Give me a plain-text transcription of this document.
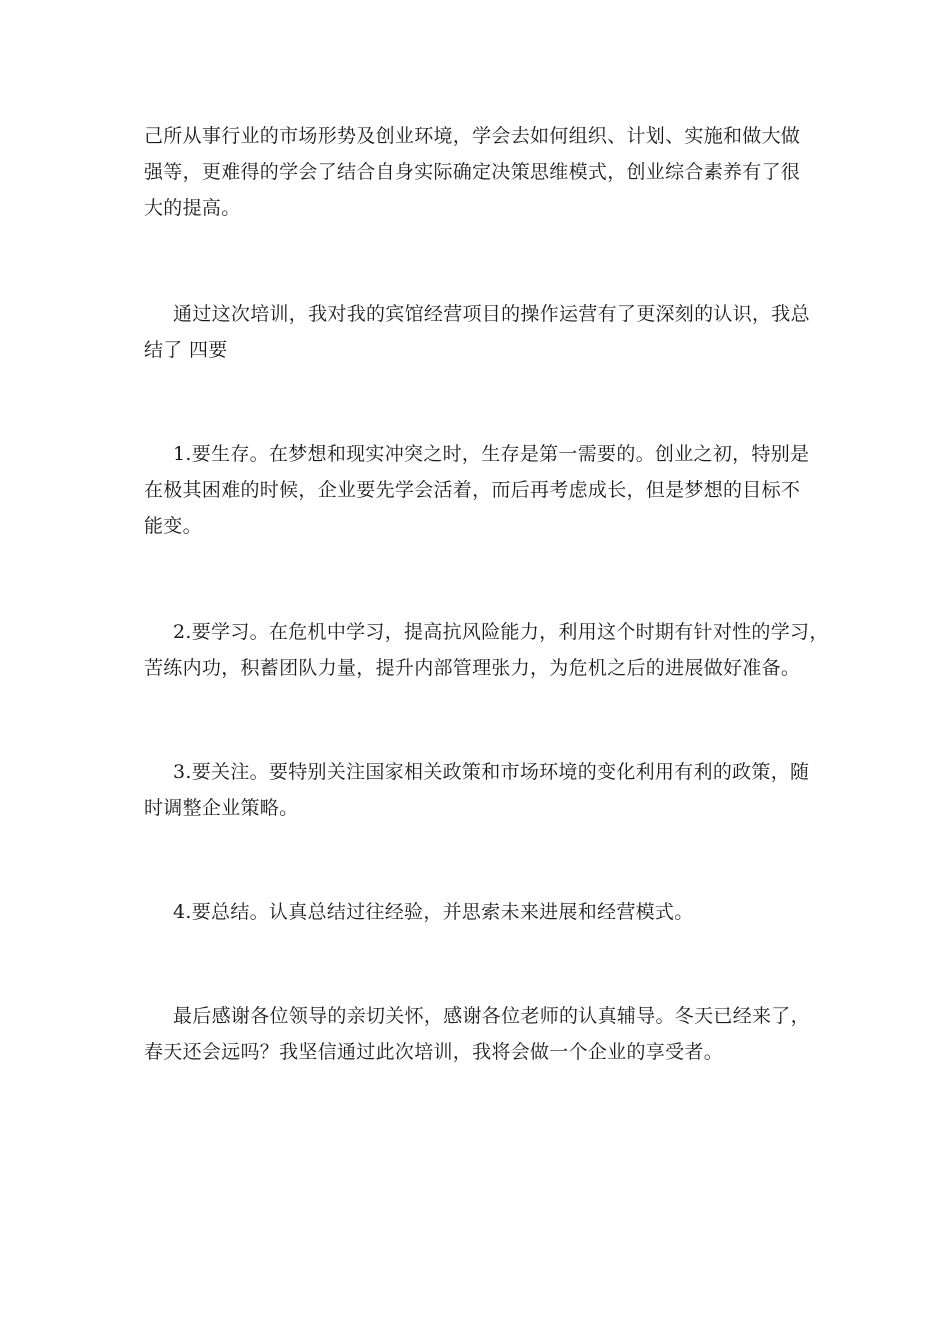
己所从事行业的市场形势及创业环境，学会去如何组织、计划、实施和做大做
强等，更难得的学会了结合自身实际确定决策思维模式，创业综合素养有了很
大的提高。
通过这次培训，我对我的宾馆经营项目的操作运营有了更深刻的认识，我总
结了 四要
1.要生存。在梦想和现实冲突之时，生存是第一需要的。创业之初，特别是
在极其困难的时候，企业要先学会活着，而后再考虑成长，但是梦想的目标不
能变。
2.要学习。在危机中学习，提高抗风险能力，利用这个时期有针对性的学习，
苦练内功，积蓄团队力量，提升内部管理张力，为危机之后的进展做好准备。
3.要关注。要特别关注国家相关政策和市场环境的变化利用有利的政策，随
时调整企业策略。
4.要总结。认真总结过往经验，并思索未来进展和经营模式。
最后感谢各位领导的亲切关怀，感谢各位老师的认真辅导。冬天已经来了，
春天还会远吗？我坚信通过此次培训，我将会做一个企业的享受者。
